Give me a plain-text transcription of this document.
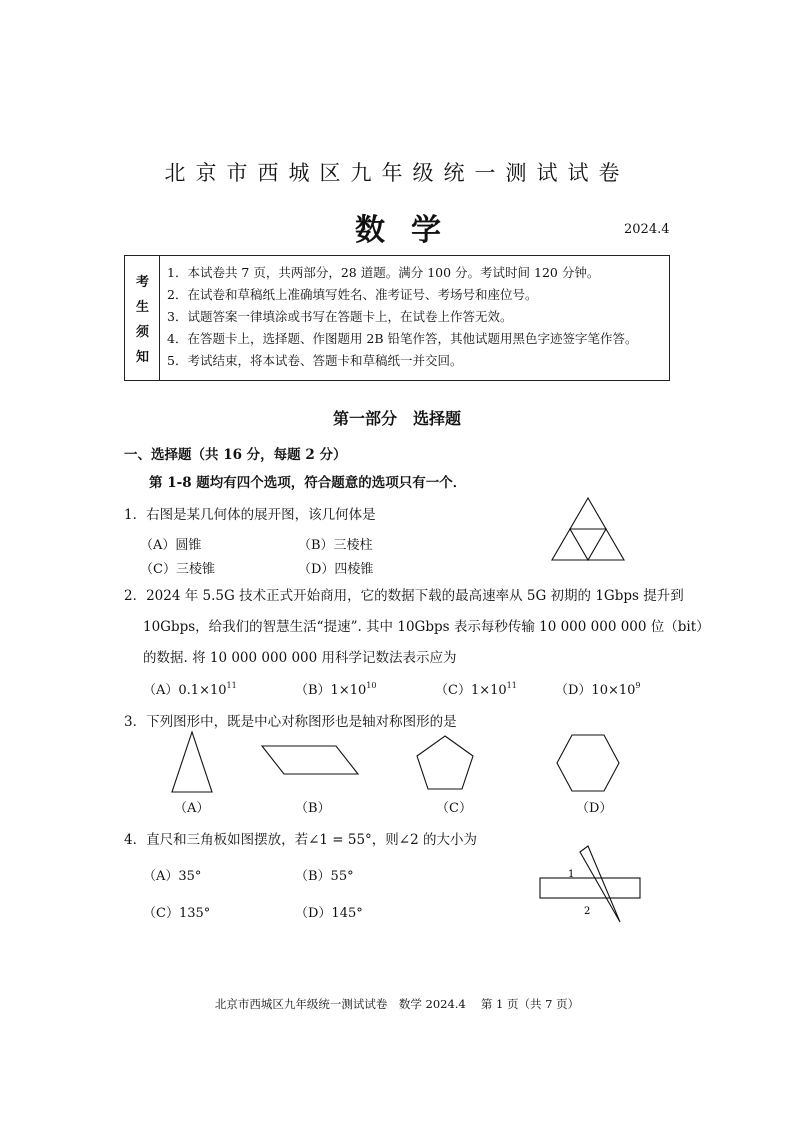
北京市西城区九年级统一测试试卷
数学	2024.4
考
生
须
知
1．本试卷共 7 页，共两部分，28 道题。满分 100 分。考试时间 120 分钟。
2．在试卷和草稿纸上准确填写姓名、准考证号、考场号和座位号。
3．试题答案一律填涂或书写在答题卡上，在试卷上作答无效。
4．在答题卡上，选择题、作图题用 2B 铅笔作答，其他试题用黑色字迹签字笔作答。
5．考试结束，将本试卷、答题卡和草稿纸一并交回。
第一部分　选择题
一、选择题（共 16 分，每题 2 分）
第 1-8 题均有四个选项，符合题意的选项只有一个．
1．右图是某几何体的展开图，该几何体是
（A）圆锥	（B）三棱柱
（C）三棱锥	（D）四棱锥
2．2024 年 5.5G 技术正式开始商用，它的数据下载的最高速率从 5G 初期的 1Gbps 提升到
10Gbps，给我们的智慧生活“提速”. 其中 10Gbps 表示每秒传输 10 000 000 000 位（bit）
的数据. 将 10 000 000 000 用科学记数法表示应为
$(A)0.1\times 10^{11}$	$(B)1\times 10^{10}$	$(C)1\times 10^{11}$	$(D)10\times 10^9$
3．下列图形中，既是中心对称图形也是轴对称图形的是
（A）	（B）	（C）	（D）
4．直尺和三角板如图摆放，若∠1 = 55°，则∠2 的大小为
（A）35°	（B）55°
（C）135°	（D）145°
1
2
北京市西城区九年级统一测试试卷　数学 2024.4　 第 1 页（共 7 页）
